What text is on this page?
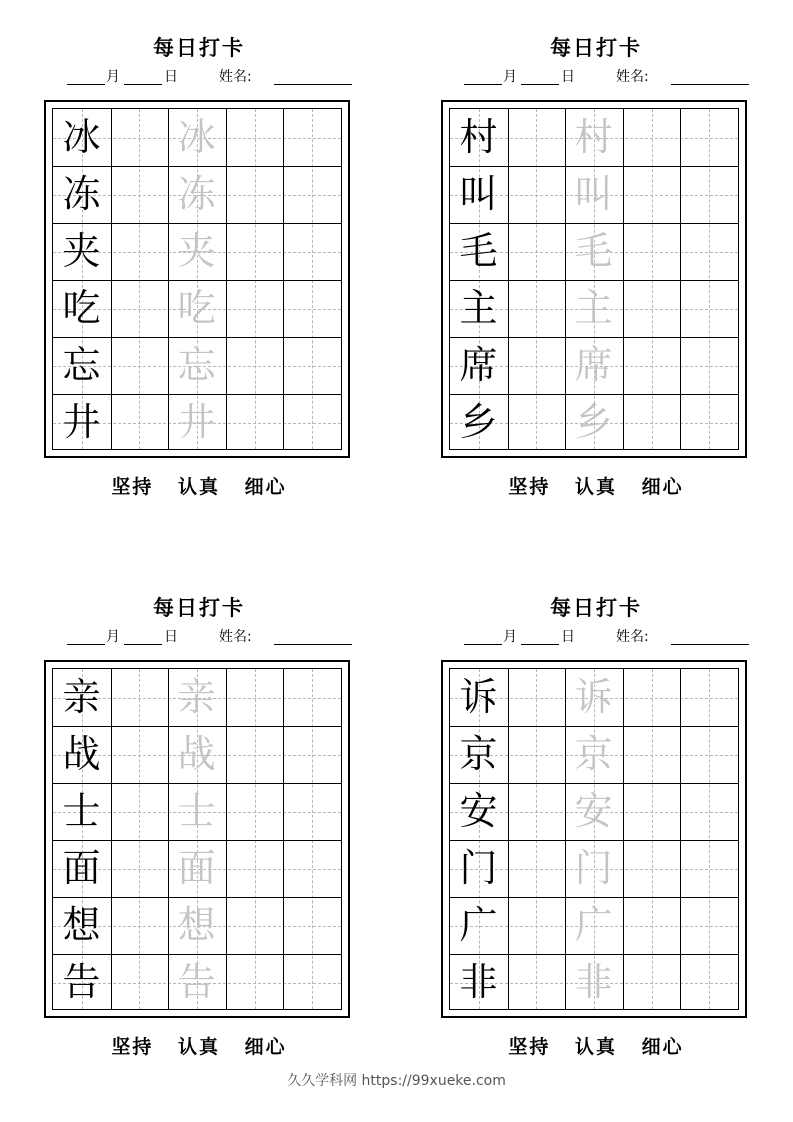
每日打卡
月	日	姓名:
冰 冰
冻 冻
夹 夹
吃 吃
忘 忘
井 井
坚持 认真 细心
每日打卡
月	日	姓名:
村 村
叫 叫
毛 毛
主 主
席 席
乡 乡
坚持 认真 细心
每日打卡
月	日	姓名:
亲 亲
战 战
士 士
面 面
想 想
告 告
坚持 认真 细心
每日打卡
月	日	姓名:
诉 诉
京 京
安 安
门 门
广 广
非 非
坚持 认真 细心
久久学科网 https://99xueke.com
